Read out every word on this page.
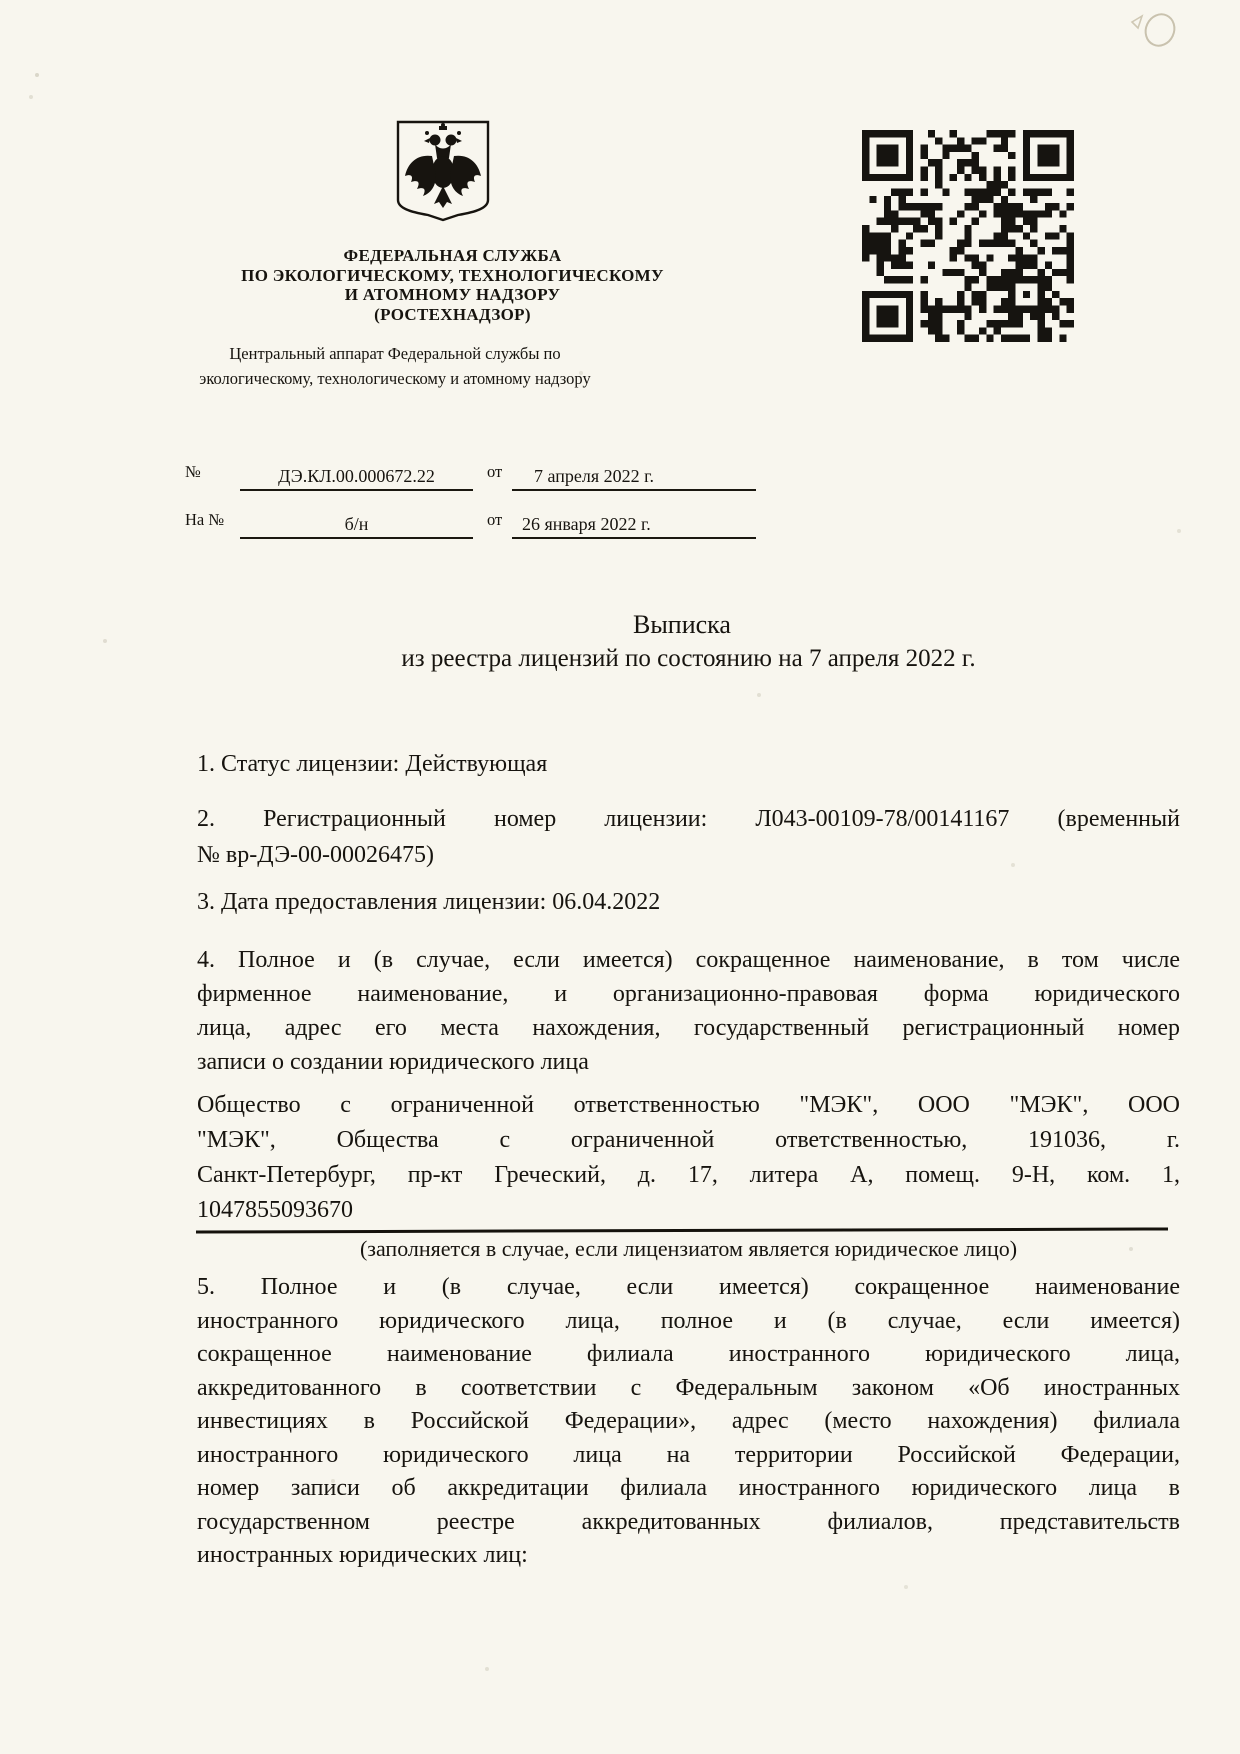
ФЕДЕРАЛЬНАЯ СЛУЖБА
ПО ЭКОЛОГИЧЕСКОМУ, ТЕХНОЛОГИЧЕСКОМУ
И АТОМНОМУ НАДЗОРУ
(РОСТЕХНАДЗОР)
Центральный аппарат Федеральной службы по
экологическому, технологическому и атомному надзору
№	ДЭ.КЛ.00.000672.22	от 7 апреля 2022 г.
На №	б/н	от 26 января 2022 г.
Выписка
из реестра лицензий по состоянию на 7 апреля 2022 г.
1. Статус лицензии: Действующая
2. Регистрационный номер лицензии: Л043-00109-78/00141167 (временный
№ вр-ДЭ-00-00026475)
3. Дата предоставления лицензии: 06.04.2022
4. Полное и (в случае, если имеется) сокращенное наименование, в том числе
фирменное наименование, и организационно-правовая форма юридического
лица, адрес его места нахождения, государственный регистрационный номер
записи о создании юридического лица
Общество с ограниченной ответственностью "МЭК", ООО "МЭК", ООО
"МЭК", Общества с ограниченной ответственностью, 191036, г.
Санкт-Петербург, пр-кт Греческий, д. 17, литера А, помещ. 9-Н, ком. 1,
1047855093670
(заполняется в случае, если лицензиатом является юридическое лицо)
5. Полное и (в случае, если имеется) сокращенное наименование
иностранного юридического лица, полное и (в случае, если имеется)
сокращенное наименование филиала иностранного юридического лица,
аккредитованного в соответствии с Федеральным законом «Об иностранных
инвестициях в Российской Федерации», адрес (место нахождения) филиала
иностранного юридического лица на территории Российской Федерации,
номер записи об аккредитации филиала иностранного юридического лица в
государственном реестре аккредитованных филиалов, представительств
иностранных юридических лиц:
